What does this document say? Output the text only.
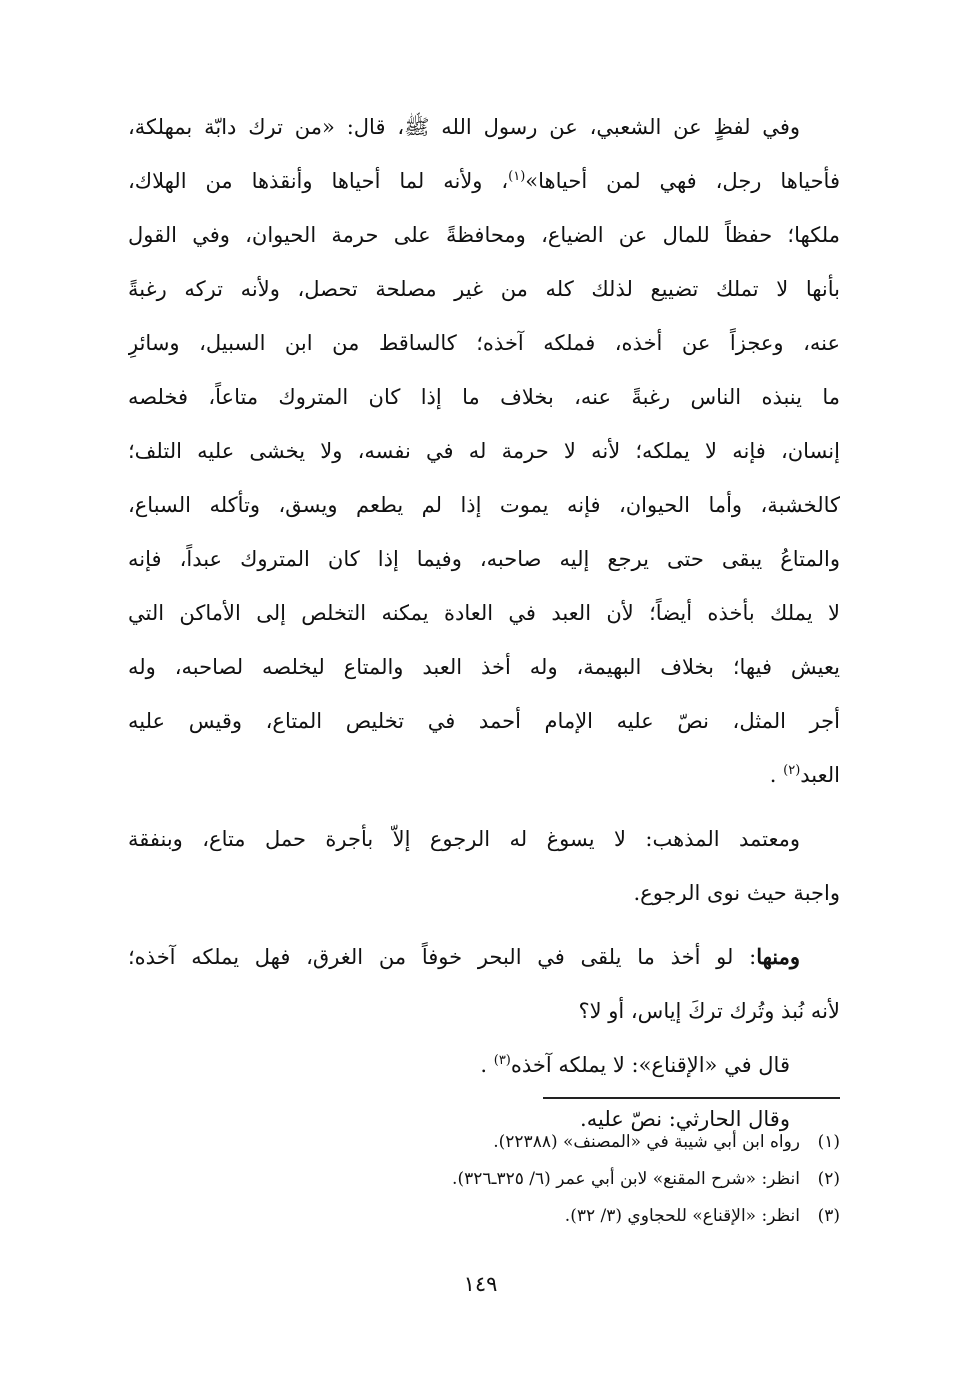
وفي لفظٍ عن الشعبي، عن رسول الله ﷺ، قال: «من ترك دابّة بمهلكة،
فأحياها رجل، فهي لمن أحياها»$^{(١)}$، ولأنه لما أحياها وأنقذها من الهلاك،
ملكها؛ حفظاً للمال عن الضياع، ومحافظةً على حرمة الحيوان، وفي القول
بأنها لا تملك تضييع لذلك كله من غير مصلحة تحصل، ولأنه تركه رغبةً
عنه، وعجزاً عن أخذه، فملكه آخذه؛ كالساقط من ابن السبيل، وسائرِ
ما ينبذه الناس رغبةً عنه، بخلاف ما إذا كان المتروك متاعاً، فخلصه
إنسان، فإنه لا يملكه؛ لأنه لا حرمة له في نفسه، ولا يخشى عليه التلف؛
كالخشبة، وأما الحيوان، فإنه يموت إذا لم يطعم ويسق، وتأكله السباع،
والمتاعُ يبقى حتى يرجع إليه صاحبه، وفيما إذا كان المتروك عبداً، فإنه
لا يملك بأخذه أيضاً؛ لأن العبد في العادة يمكنه التخلص إلى الأماكن التي
يعيش فيها؛ بخلاف البهيمة، وله أخذ العبد والمتاع ليخلصه لصاحبه، وله
أجر المثل، نصّ عليه الإمام أحمد في تخليص المتاع، وقيس عليه
العبد$^{(٢)}$ .
ومعتمد المذهب: لا يسوغ له الرجوع إلاّ بأجرة حمل متاع، وبنفقة
واجبة حيث نوى الرجوع.
ومنها: لو أخذ ما يلقى في البحر خوفاً من الغرق، فهل يملكه آخذه؛
لأنه نُبذ وتُرك تركَ إياس، أو لا؟
قال في «الإقناع»: لا يملكه آخذه$^{(٣)}$ .
وقال الحارثي: نصّ عليه.
(١)رواه ابن أبي شيبة في «المصنف» (٢٢٣٨٨).
(٢)انظر: «شرح المقنع» لابن أبي عمر (٦/ ٣٢٥ـ٣٢٦).
(٣)انظر: «الإقناع» للحجاوي (٣/ ٣٢).
١٤٩
